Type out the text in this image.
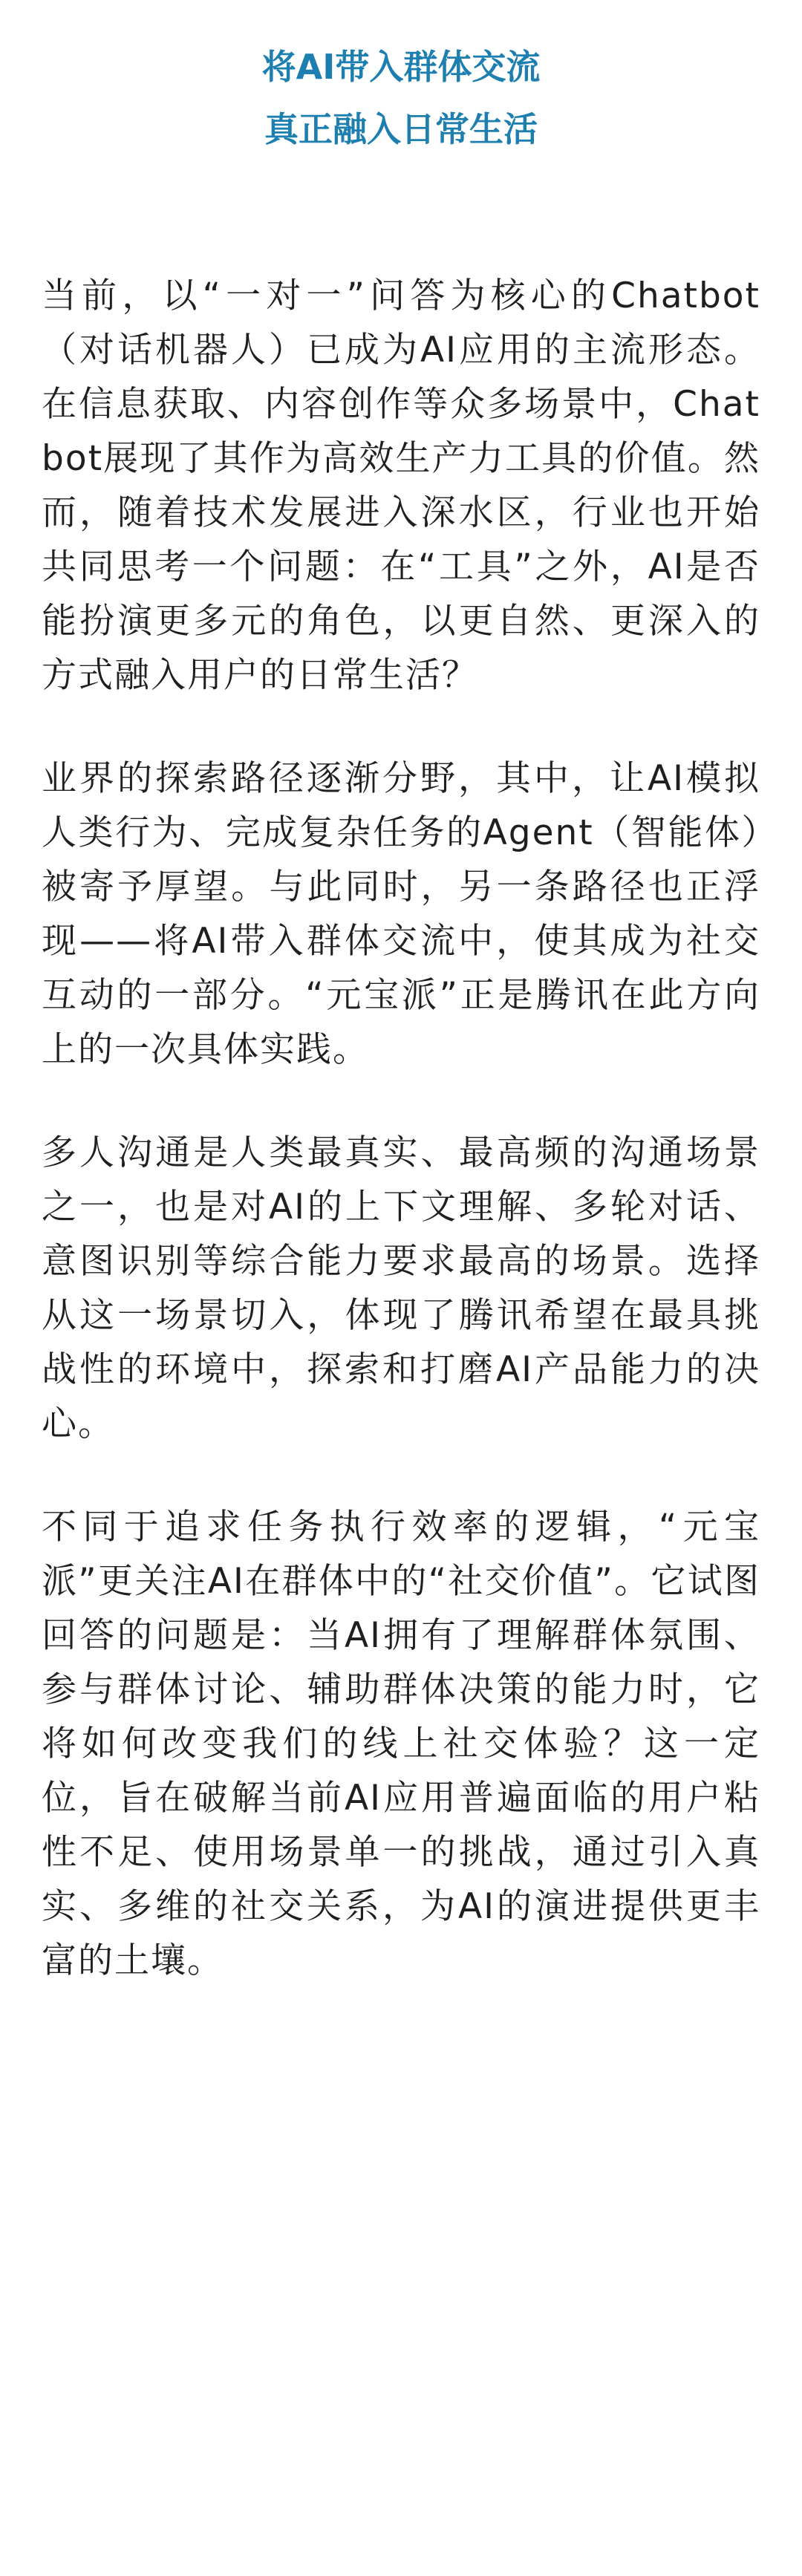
将AI带入群体交流
真正融入日常生活

当前，以“一对一”问答为核心的Chatbot（对话机器人）已成为AI应用的主流形态。在信息获取、内容创作等众多场景中，Chatbot展现了其作为高效生产力工具的价值。然而，随着技术发展进入深水区，行业也开始共同思考一个问题：在“工具”之外，AI是否能扮演更多元的角色，以更自然、更深入的方式融入用户的日常生活？

业界的探索路径逐渐分野，其中，让AI模拟人类行为、完成复杂任务的Agent（智能体）被寄予厚望。与此同时，另一条路径也正浮现——将AI带入群体交流中，使其成为社交互动的一部分。“元宝派”正是腾讯在此方向上的一次具体实践。

多人沟通是人类最真实、最高频的沟通场景之一，也是对AI的上下文理解、多轮对话、意图识别等综合能力要求最高的场景。选择从这一场景切入，体现了腾讯希望在最具挑战性的环境中，探索和打磨AI产品能力的决心。

不同于追求任务执行效率的逻辑，“元宝派”更关注AI在群体中的“社交价值”。它试图回答的问题是：当AI拥有了理解群体氛围、参与群体讨论、辅助群体决策的能力时，它将如何改变我们的线上社交体验？这一定位，旨在破解当前AI应用普遍面临的用户粘性不足、使用场景单一的挑战，通过引入真实、多维的社交关系，为AI的演进提供更丰富的土壤。
